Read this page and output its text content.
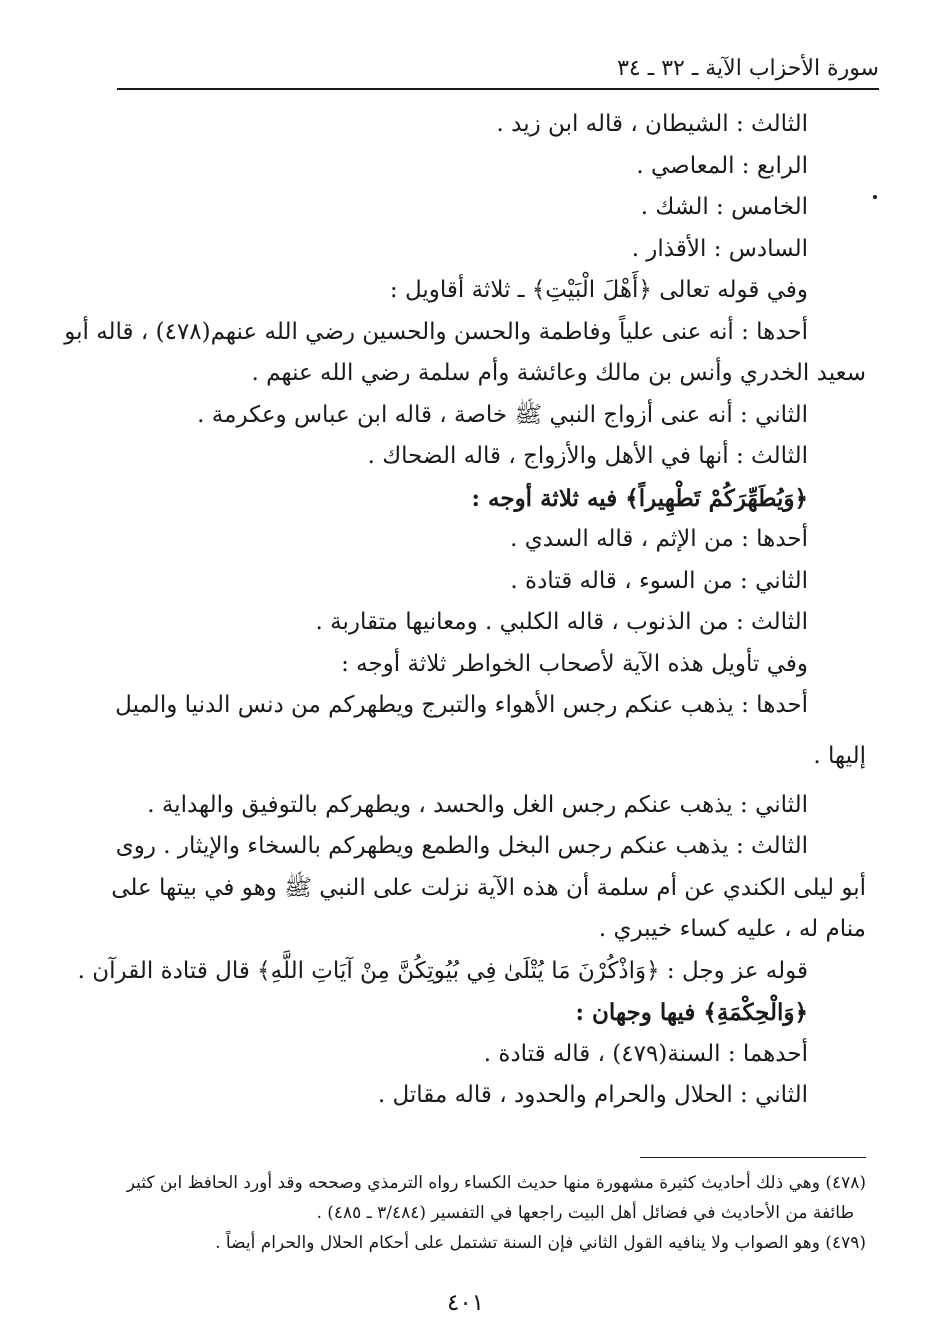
سورة الأحزاب الآية ـ ٣٢ ـ ٣٤
الثالث : الشيطان ، قاله ابن زيد .
الرابع : المعاصي .
الخامس : الشك .
السادس : الأقذار .
وفي قوله تعالى ﴿أَهْلَ الْبَيْتِ﴾ ـ ثلاثة أقاويل :
أحدها : أنه عنى علياً وفاطمة والحسن والحسين رضي الله عنهم(٤٧٨) ، قاله أبو
سعيد الخدري وأنس بن مالك وعائشة وأم سلمة رضي الله عنهم .
الثاني : أنه عنى أزواج النبي ﷺ خاصة ، قاله ابن عباس وعكرمة .
الثالث : أنها في الأهل والأزواج ، قاله الضحاك .
﴿وَيُطَهِّرَكُمْ تَطْهِيراً﴾ فيه ثلاثة أوجه :
أحدها : من الإثم ، قاله السدي .
الثاني : من السوء ، قاله قتادة .
الثالث : من الذنوب ، قاله الكلبي . ومعانيها متقاربة .
وفي تأويل هذه الآية لأصحاب الخواطر ثلاثة أوجه :
أحدها : يذهب عنكم رجس الأهواء والتبرج ويطهركم من دنس الدنيا والميل
إليها .
الثاني : يذهب عنكم رجس الغل والحسد ، ويطهركم بالتوفيق والهداية .
الثالث : يذهب عنكم رجس البخل والطمع ويطهركم بالسخاء والإيثار . روى
أبو ليلى الكندي عن أم سلمة أن هذه الآية نزلت على النبي ﷺ وهو في بيتها على
منام له ، عليه كساء خيبري .
قوله عز وجل : ﴿وَاذْكُرْنَ مَا يُتْلَىٰ فِي بُيُوتِكُنَّ مِنْ آيَاتِ اللَّهِ﴾ قال قتادة القرآن .
﴿وَالْحِكْمَةِ﴾ فيها وجهان :
أحدهما : السنة(٤٧٩) ، قاله قتادة .
الثاني : الحلال والحرام والحدود ، قاله مقاتل .
(٤٧٨) وهي ذلك أحاديث كثيرة مشهورة منها حديث الكساء رواه الترمذي وصححه وقد أورد الحافظ ابن كثير
طائفة من الأحاديث في فضائل أهل البيت راجعها في التفسير (٣/٤٨٤ ـ ٤٨٥) .
(٤٧٩) وهو الصواب ولا ينافيه القول الثاني فإن السنة تشتمل على أحكام الحلال والحرام أيضاً .
٤٠١
